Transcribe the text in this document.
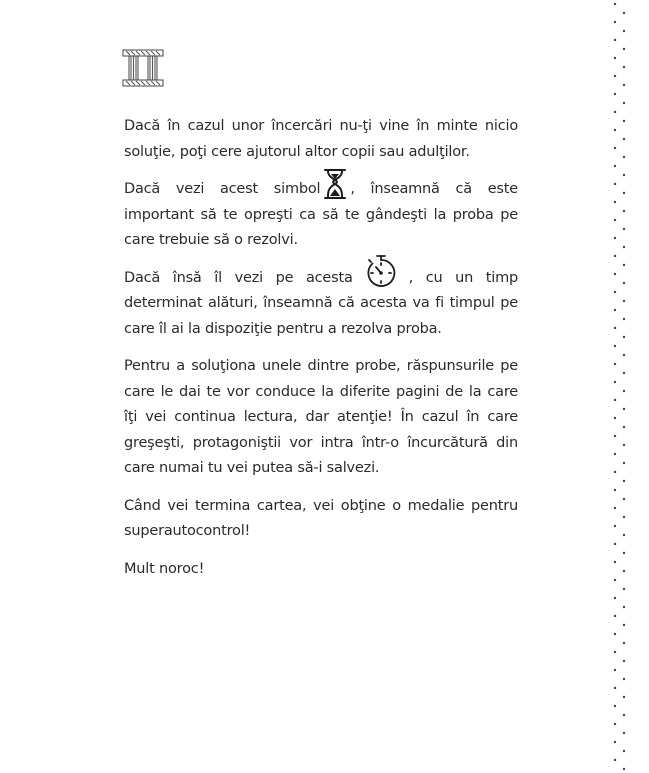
Dacă în cazul unor încercări nu-ţi vine în minte nicio soluţie, poţi cere ajutorul altor copii sau adulţilor.

Dacă vezi acest simbol , înseamnă că este important să te opreşti ca să te gândeşti la proba pe care trebuie să o rezolvi.

Dacă însă îl vezi pe acesta	, cu un timp determinat alături, înseamnă că acesta va fi timpul pe care îl ai la dispoziţie pentru a rezolva proba.

Pentru a soluţiona unele dintre probe, răspunsurile pe care le dai te vor conduce la diferite pagini de la care îţi vei continua lectura, dar atenţie! În cazul în care greşeşti, protagoniştii vor intra într-o încurcătură din care numai tu vei putea să-i salvezi.

Când vei termina cartea, vei obţine o medalie pentru superautocontrol!

Mult noroc!
